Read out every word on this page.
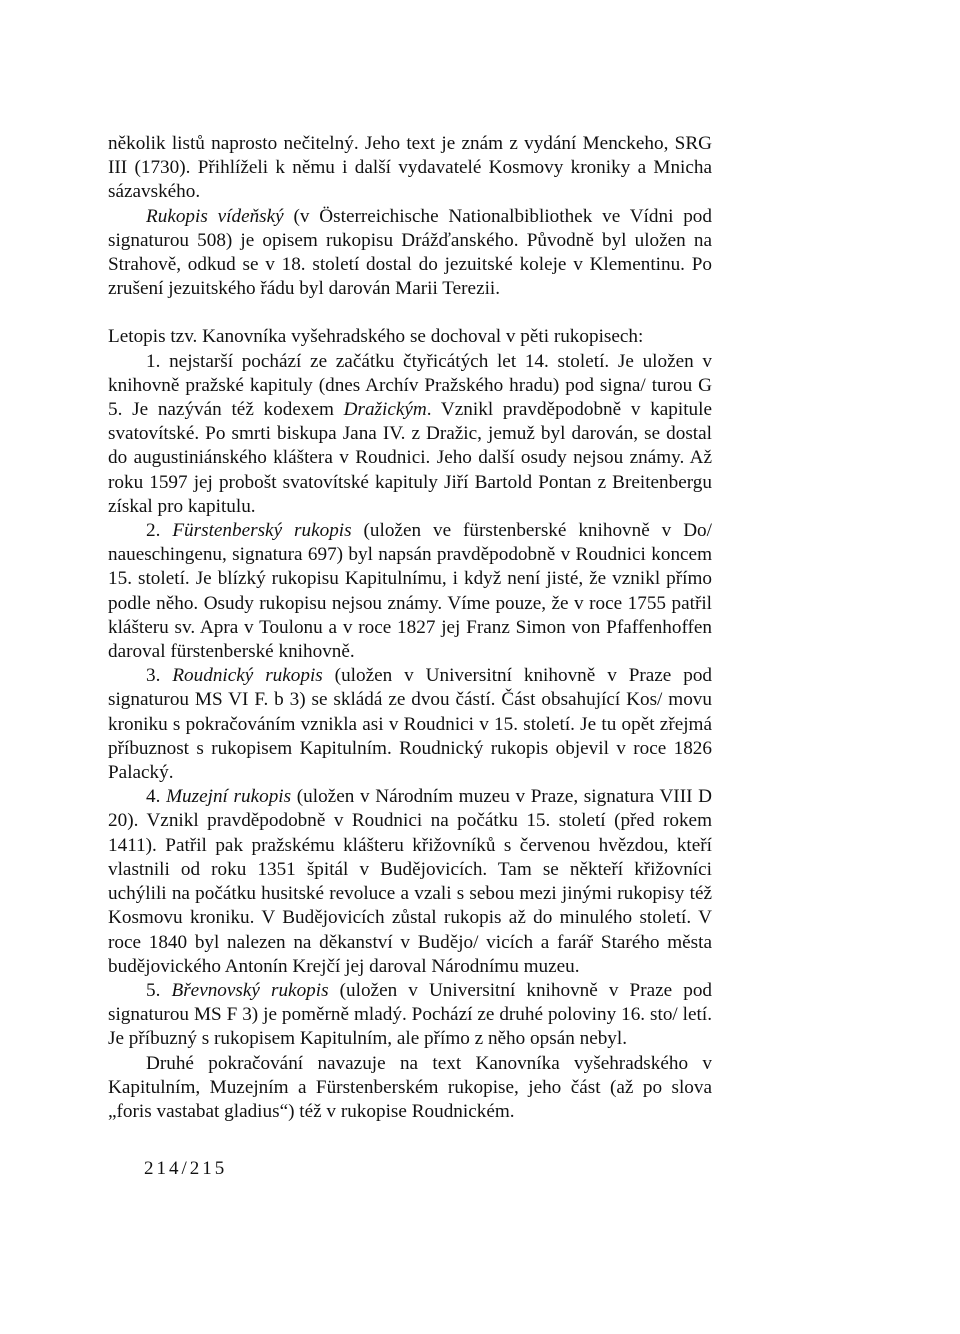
několik listů naprosto nečitelný. Jeho text je znám z vydání Menckeho, SRG III (1730). Přihlíželi k němu i další vydavatelé Kosmovy kroniky a Mnicha sázavského.

Rukopis vídeňský (v Österreichische Nationalbibliothek ve Vídni pod signaturou 508) je opisem rukopisu Drážďanského. Původně byl uložen na Strahově, odkud se v 18. století dostal do jezuitské koleje v Klementinu. Po zrušení jezuitského řádu byl darován Marii Terezii.

Letopis tzv. Kanovníka vyšehradského se dochoval v pěti rukopisech:

1. nejstarší pochází ze začátku čtyřicátých let 14. století. Je uložen v knihovně pražské kapituly (dnes Archív Pražského hradu) pod signa/ turou G 5. Je nazýván též kodexem Dražickým. Vznikl pravděpodobně v kapitule svatovítské. Po smrti biskupa Jana IV. z Dražic, jemuž byl darován, se dostal do augustiniánského kláštera v Roudnici. Jeho další osudy nejsou známy. Až roku 1597 jej probošt svatovítské kapituly Jiří Bartold Pontan z Breitenbergu získal pro kapitulu.

2. Fürstenberský rukopis (uložen ve fürstenberské knihovně v Do/ naueschingenu, signatura 697) byl napsán pravděpodobně v Roudnici koncem 15. století. Je blízký rukopisu Kapitulnímu, i když není jisté, že vznikl přímo podle něho. Osudy rukopisu nejsou známy. Víme pouze, že v roce 1755 patřil klášteru sv. Apra v Toulonu a v roce 1827 jej Franz Simon von Pfaffenhoffen daroval fürstenberské knihovně.

3. Roudnický rukopis (uložen v Universitní knihovně v Praze pod signaturou MS VI F. b 3) se skládá ze dvou částí. Část obsahující Kos/ movu kroniku s pokračováním vznikla asi v Roudnici v 15. století. Je tu opět zřejmá příbuznost s rukopisem Kapitulním. Roudnický rukopis objevil v roce 1826 Palacký.

4. Muzejní rukopis (uložen v Národním muzeu v Praze, signatura VIII D 20). Vznikl pravděpodobně v Roudnici na počátku 15. století (před rokem 1411). Patřil pak pražskému klášteru křižovníků s červenou hvězdou, kteří vlastnili od roku 1351 špitál v Budějovicích. Tam se někteří křižovníci uchýlili na počátku husitské revoluce a vzali s sebou mezi jinými rukopisy též Kosmovu kroniku. V Budějovicích zůstal rukopis až do minulého století. V roce 1840 byl nalezen na děkanství v Budějo/ vicích a farář Starého města budějovického Antonín Krejčí jej daroval Národnímu muzeu.

5. Břevnovský rukopis (uložen v Universitní knihovně v Praze pod signaturou MS F 3) je poměrně mladý. Pochází ze druhé poloviny 16. sto/ letí. Je příbuzný s rukopisem Kapitulním, ale přímo z něho opsán nebyl.

Druhé pokračování navazuje na text Kanovníka vyšehradského v Kapitulním, Muzejním a Fürstenberském rukopise, jeho část (až po slova „foris vastabat gladius“) též v rukopise Roudnickém.

214/215
